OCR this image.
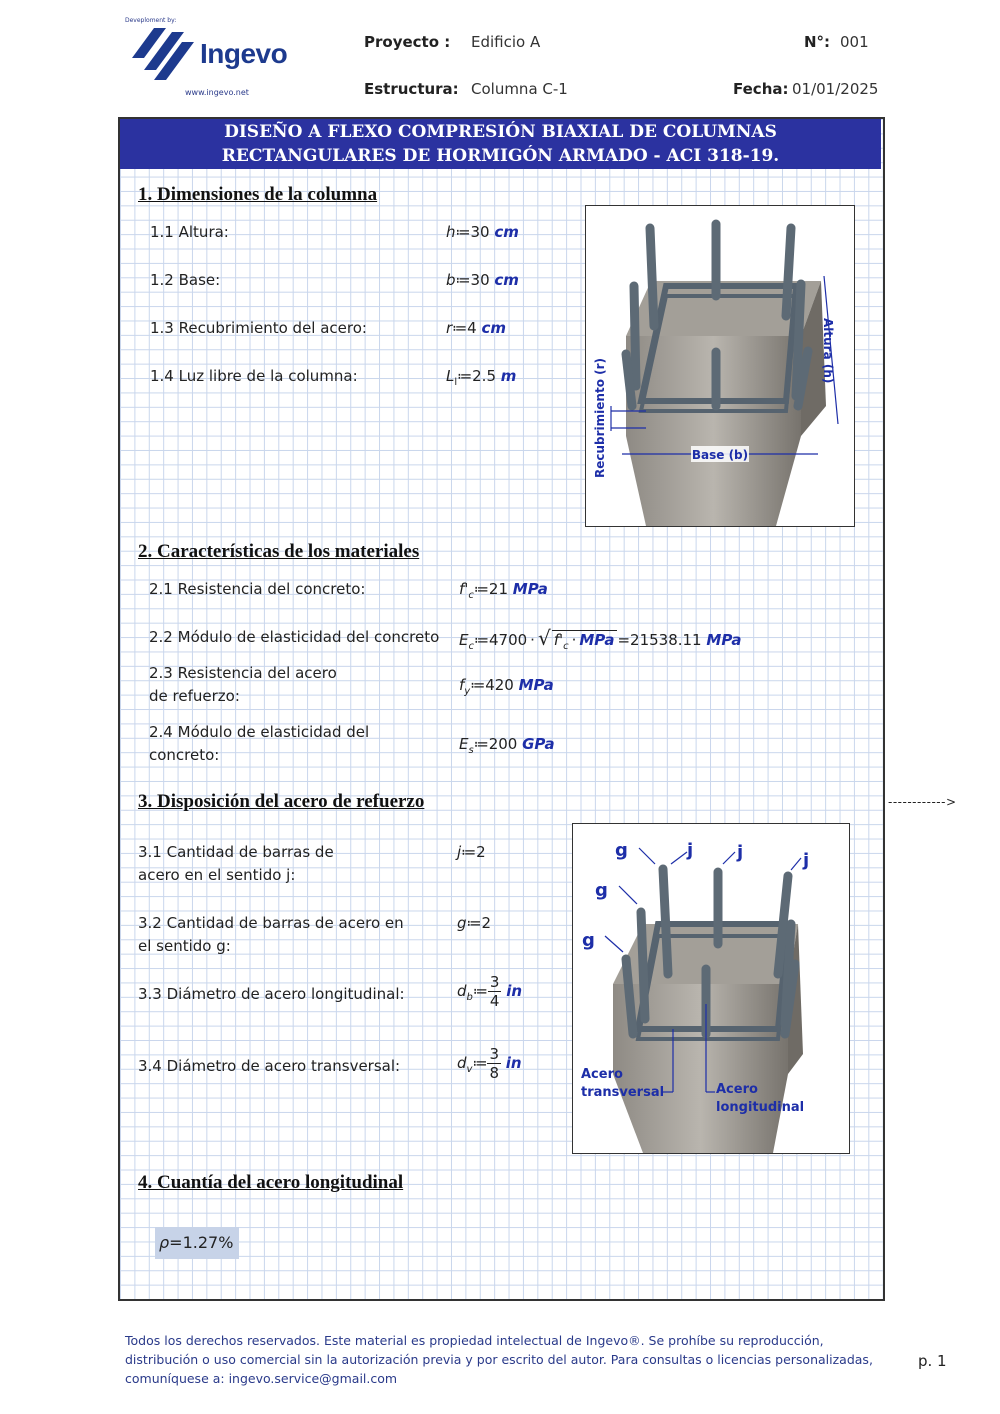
Deveploment by:
Ingevo
www.ingevo.net
Proyecto : Edificio A	N°: 001
Estructura: Columna C-1	Fecha: 01/01/2025
DISEÑO A FLEXO COMPRESIÓN BIAXIAL DE COLUMNAS
RECTANGULARES DE HORMIGÓN ARMADO - ACI 318-19.
1. Dimensiones de la columna
1.1 Altura:	h≔30 cm
1.2 Base:	b≔30 cm
1.3 Recubrimiento del acero:	r≔4 cm
1.4 Luz libre de la columna:	$L_l≔2.5$ m
Base (b)
Altura (h)
Recubrimiento (r)
2. Características de los materiales
2.1 Resistencia del concreto:	$f'_c≔21$ MPa
2.2 Módulo de elasticidad del concreto $E_c≔4700$ · √ $f'_c$ · MPa =21538.11 MPa
2.3 Resistencia del acero
de refuerzo:
$f_y≔420$ MPa
2.4 Módulo de elasticidad del
concreto:
$E_s≔200$ GPa
3. Disposición del acero de refuerzo	------------>
3.1 Cantidad de barras de
acero en el sentido j:
j≔2
3.2 Cantidad de barras de acero en
el sentido g:
g≔2
3.3 Diámetro de acero longitudinal:	$d_b≔ \frac{3}{4}$ in
3.4 Diámetro de acero transversal:	$d_v≔ \frac{3}{8}$ in
g
g
g
j j	j
Acero
transversal	Acero
longitudinal
4. Cuantía del acero longitudinal
ρ=1.27%
Todos los derechos reservados. Este material es propiedad intelectual de Ingevo®. Se prohíbe su reproducción, distribución o uso comercial sin la autorización previa y por escrito del autor. Para consultas o licencias personalizadas, comuníquese a: ingevo.service@gmail.com
p. 1
